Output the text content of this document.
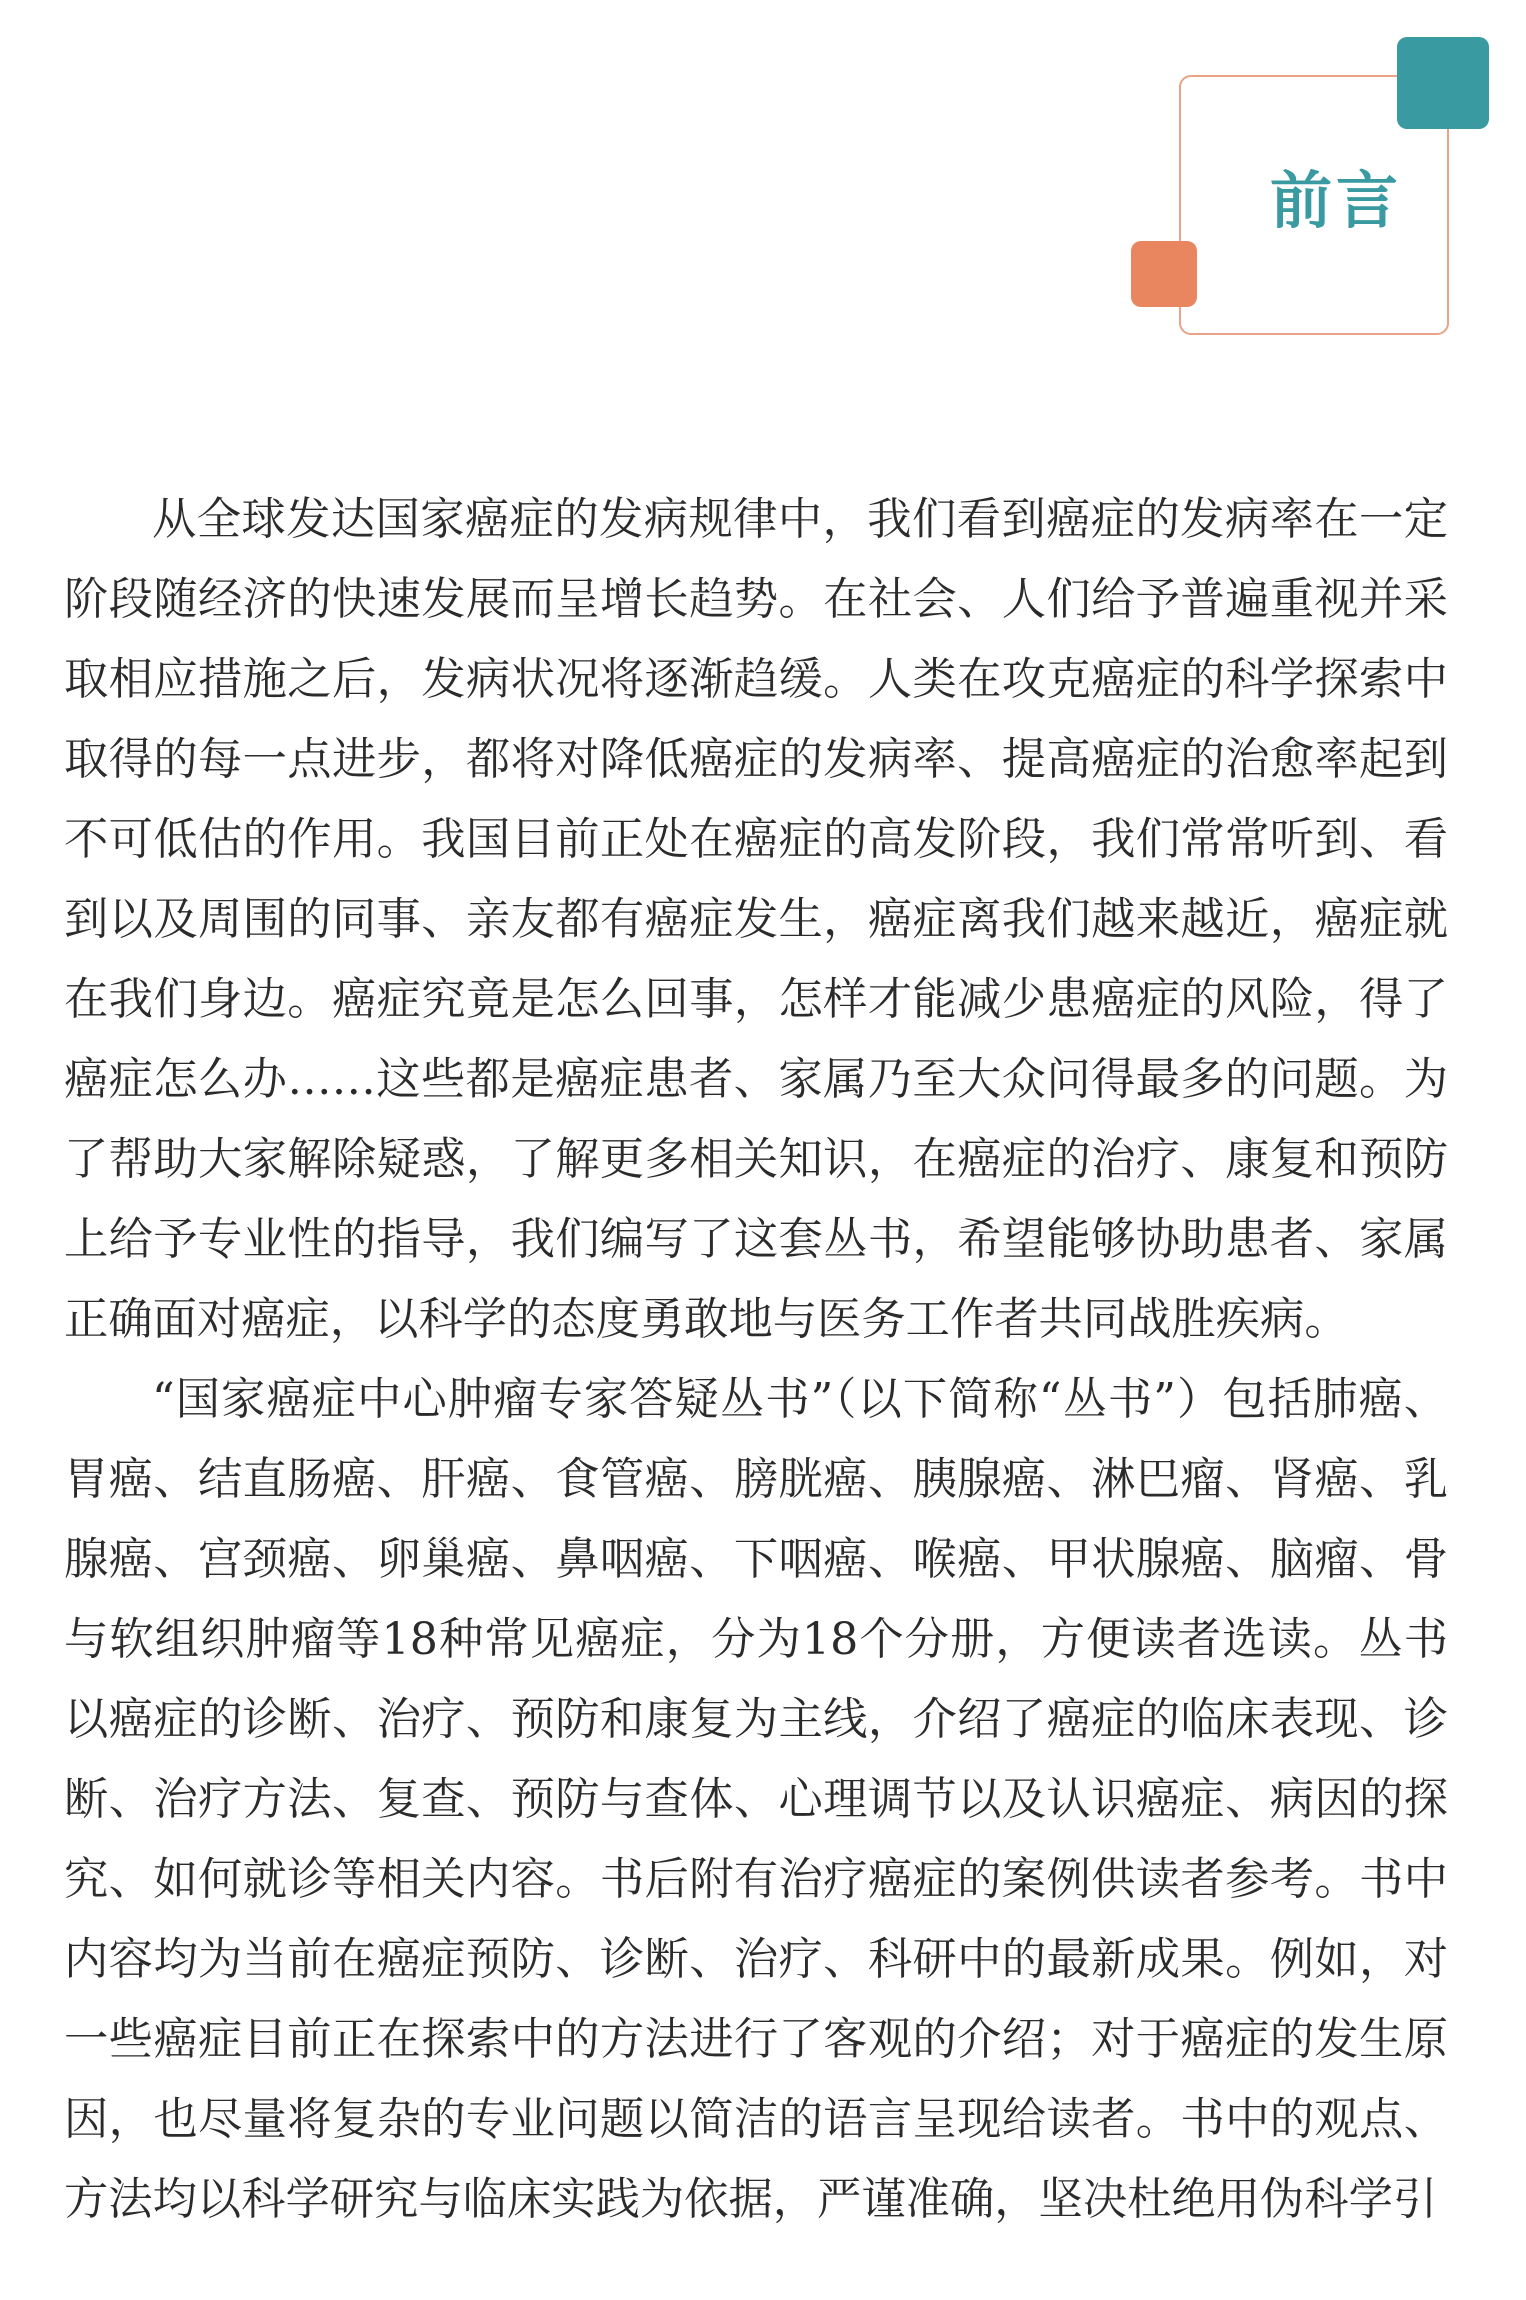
前言

从全球发达国家癌症的发病规律中，我们看到癌症的发病率在一定阶段随经济的快速发展而呈增长趋势。在社会、人们给予普遍重视并采取相应措施之后，发病状况将逐渐趋缓。人类在攻克癌症的科学探索中取得的每一点进步，都将对降低癌症的发病率、提高癌症的治愈率起到不可低估的作用。我国目前正处在癌症的高发阶段，我们常常听到、看到以及周围的同事、亲友都有癌症发生，癌症离我们越来越近，癌症就在我们身边。癌症究竟是怎么回事，怎样才能减少患癌症的风险，得了癌症怎么办……这些都是癌症患者、家属乃至大众问得最多的问题。为了帮助大家解除疑惑，了解更多相关知识，在癌症的治疗、康复和预防上给予专业性的指导，我们编写了这套丛书，希望能够协助患者、家属正确面对癌症，以科学的态度勇敢地与医务工作者共同战胜疾病。

“国家癌症中心肿瘤专家答疑丛书”（以下简称“丛书”）包括肺癌、胃癌、结直肠癌、肝癌、食管癌、膀胱癌、胰腺癌、淋巴瘤、肾癌、乳腺癌、宫颈癌、卵巢癌、鼻咽癌、下咽癌、喉癌、甲状腺癌、脑瘤、骨与软组织肿瘤等18种常见癌症，分为18个分册，方便读者选读。丛书以癌症的诊断、治疗、预防和康复为主线，介绍了癌症的临床表现、诊断、治疗方法、复查、预防与查体、心理调节以及认识癌症、病因的探究、如何就诊等相关内容。书后附有治疗癌症的案例供读者参考。书中内容均为当前在癌症预防、诊断、治疗、科研中的最新成果。例如，对一些癌症目前正在探索中的方法进行了客观的介绍；对于癌症的发生原因，也尽量将复杂的专业问题以简洁的语言呈现给读者。书中的观点、方法均以科学研究与临床实践为依据，严谨准确，坚决杜绝用伪科学引
